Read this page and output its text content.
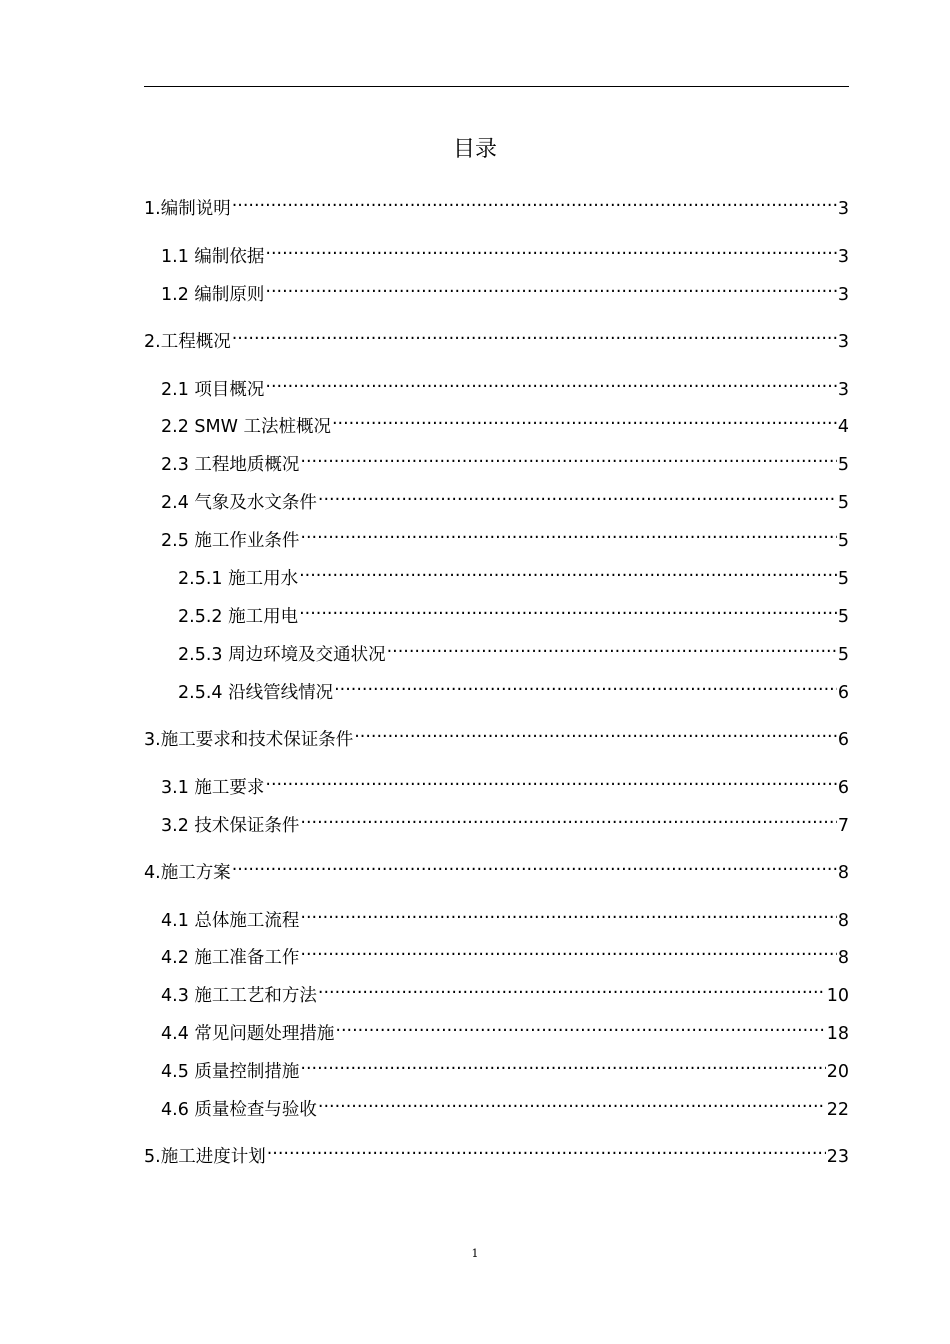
目录
1.编制说明 .....	3
1.1 编制依据 .....	3
1.2 编制原则 .....	3
2.工程概况 .....	3
2.1 项目概况 .....	3
2.2 SMW 工法桩概况 .....	4
2.3 工程地质概况 .....	5
2.4 气象及水文条件 .....	5
2.5 施工作业条件 .....	5
2.5.1 施工用水 .....	5
2.5.2 施工用电 .....	5
2.5.3 周边环境及交通状况 .....	5
2.5.4 沿线管线情况 .....	6
3.施工要求和技术保证条件 .....	6
3.1 施工要求 .....	6
3.2 技术保证条件 .....	7
4.施工方案 .....	8
4.1 总体施工流程 .....	8
4.2 施工准备工作 .....	8
4.3 施工工艺和方法 .....	10
4.4 常见问题处理措施 .....	18
4.5 质量控制措施 .....	20
4.6 质量检查与验收 .....	22
5.施工进度计划 .....	23
1
